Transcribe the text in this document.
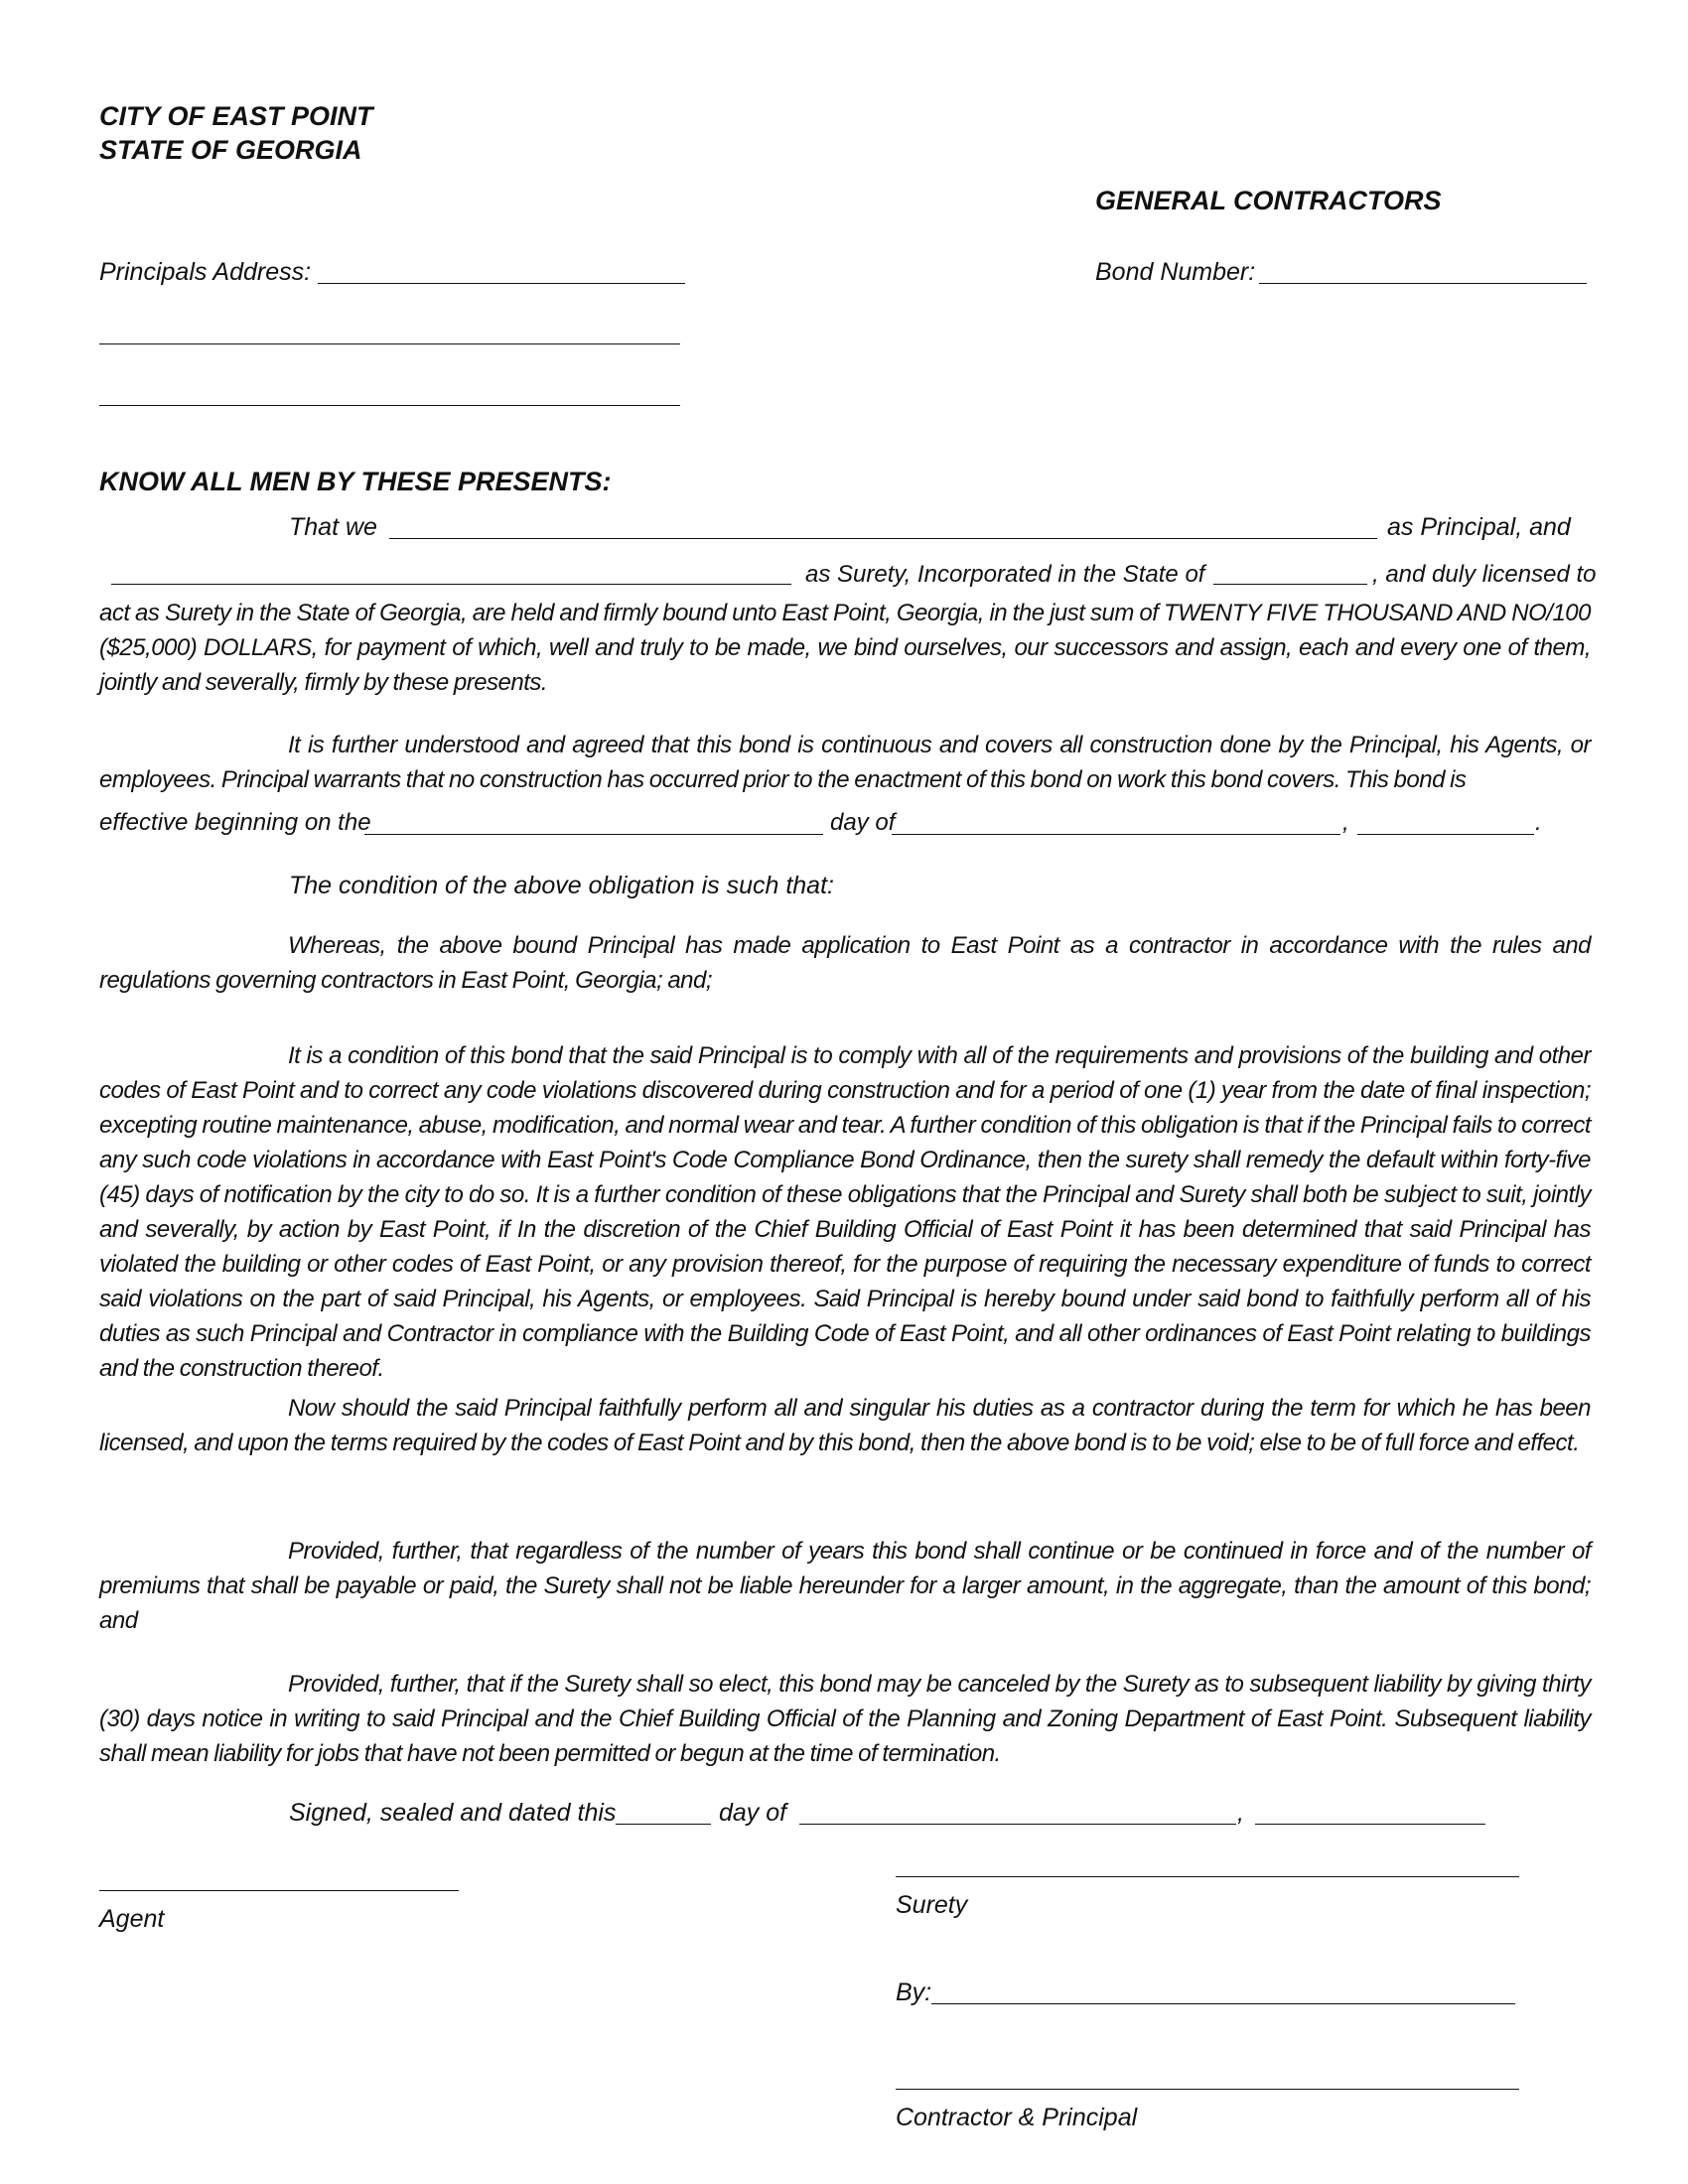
CITY OF EAST POINT
STATE OF GEORGIA
GENERAL CONTRACTORS
Principals Address:	Bond Number:
KNOW ALL MEN BY THESE PRESENTS:
That we	as Principal, and
as Surety, Incorporated in the State of	, and duly licensed to
act as Surety in the State of Georgia, are held and firmly bound unto East Point, Georgia, in the just sum of TWENTY FIVE THOUSAND AND NO/100 ($25,000) DOLLARS, for payment of which, well and truly to be made, we bind ourselves, our successors and assign, each and every one of them, jointly and severally, firmly by these presents.
It is further understood and agreed that this bond is continuous and covers all construction done by the Principal, his Agents, or employees. Principal warrants that no construction has occurred prior to the enactment of this bond on work this bond covers. This bond is
effective beginning on the	day of	,	.
The condition of the above obligation is such that:
Whereas, the above bound Principal has made application to East Point as a contractor in accordance with the rules and regulations governing contractors in East Point, Georgia; and;
It is a condition of this bond that the said Principal is to comply with all of the requirements and provisions of the building and other codes of East Point and to correct any code violations discovered during construction and for a period of one (1) year from the date of final inspection; excepting routine maintenance, abuse, modification, and normal wear and tear. A further condition of this obligation is that if the Principal fails to correct any such code violations in accordance with East Point's Code Compliance Bond Ordinance, then the surety shall remedy the default within forty-five (45) days of notification by the city to do so. It is a further condition of these obligations that the Principal and Surety shall both be subject to suit, jointly and severally, by action by East Point, if In the discretion of the Chief Building Official of East Point it has been determined that said Principal has violated the building or other codes of East Point, or any provision thereof, for the purpose of requiring the necessary expenditure of funds to correct said violations on the part of said Principal, his Agents, or employees. Said Principal is hereby bound under said bond to faithfully perform all of his duties as such Principal and Contractor in compliance with the Building Code of East Point, and all other ordinances of East Point relating to buildings and the construction thereof.
Now should the said Principal faithfully perform all and singular his duties as a contractor during the term for which he has been licensed, and upon the terms required by the codes of East Point and by this bond, then the above bond is to be void; else to be of full force and effect.
Provided, further, that regardless of the number of years this bond shall continue or be continued in force and of the number of premiums that shall be payable or paid, the Surety shall not be liable hereunder for a larger amount, in the aggregate, than the amount of this bond; and
Provided, further, that if the Surety shall so elect, this bond may be canceled by the Surety as to subsequent liability by giving thirty (30) days notice in writing to said Principal and the Chief Building Official of the Planning and Zoning Department of East Point. Subsequent liability shall mean liability for jobs that have not been permitted or begun at the time of termination.
Signed, sealed and dated this	day of	,
Agent	Surety
By:
Contractor & Principal
